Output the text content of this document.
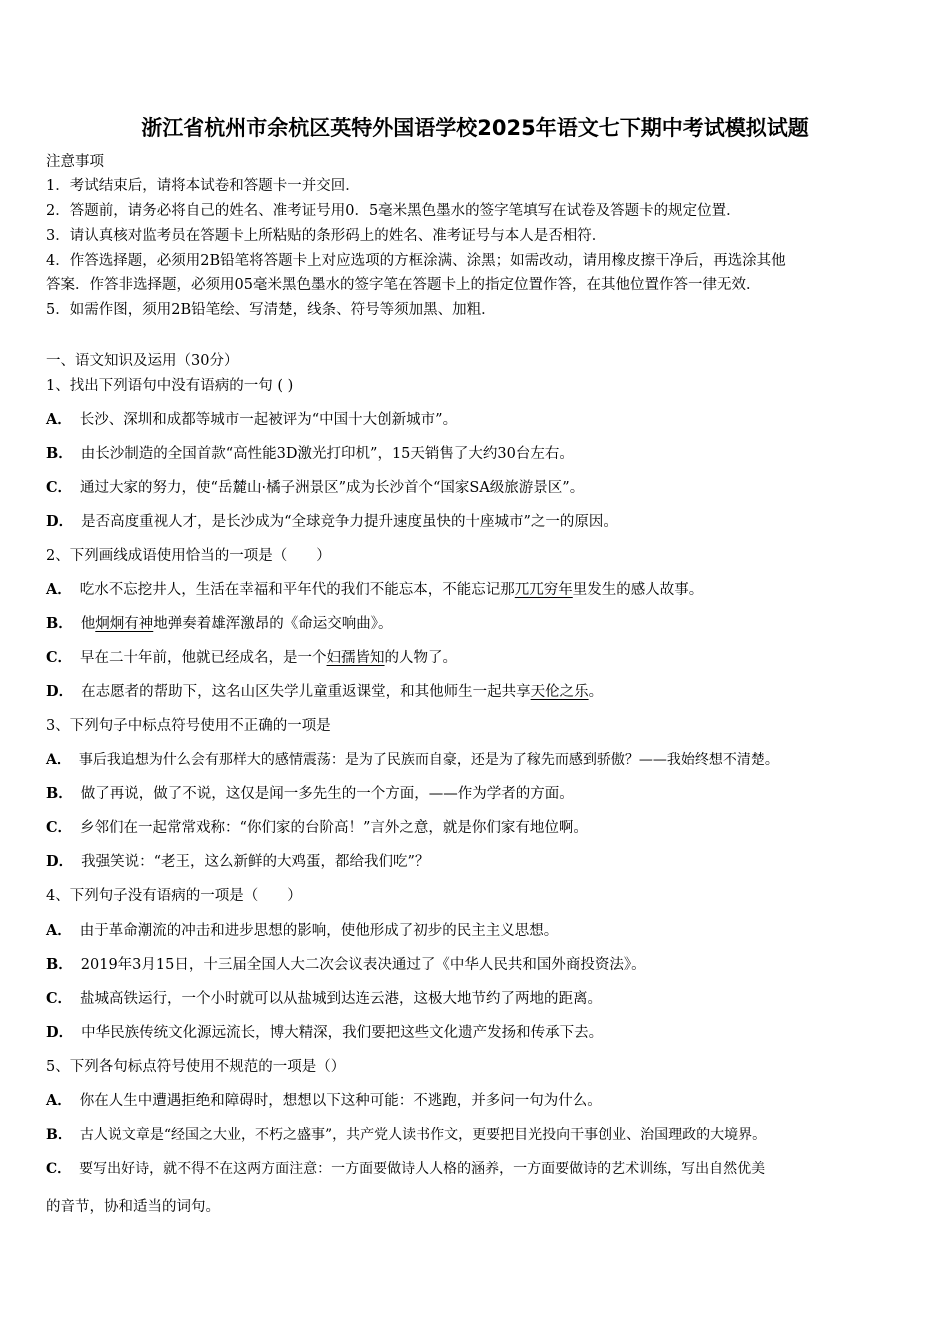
浙江省杭州市余杭区英特外国语学校2025年语文七下期中考试模拟试题
注意事项
1．考试结束后，请将本试卷和答题卡一并交回．
2．答题前，请务必将自己的姓名、准考证号用0．5毫米黑色墨水的签字笔填写在试卷及答题卡的规定位置．
3．请认真核对监考员在答题卡上所粘贴的条形码上的姓名、准考证号与本人是否相符．
4．作答选择题，必须用2B铅笔将答题卡上对应选项的方框涂满、涂黑；如需改动，请用橡皮擦干净后，再选涂其他
答案．作答非选择题，必须用05毫米黑色墨水的签字笔在答题卡上的指定位置作答，在其他位置作答一律无效．
5．如需作图，须用2B铅笔绘、写清楚，线条、符号等须加黑、加粗．
一、语文知识及运用（30分）
1、找出下列语句中没有语病的一句 ( )
A． 长沙、深圳和成都等城市一起被评为“中国十大创新城市”。
B． 由长沙制造的全国首款“高性能3D激光打印机”，15天销售了大约30台左右。
C． 通过大家的努力，使“岳麓山·橘子洲景区”成为长沙首个“国家SA级旅游景区”。
D． 是否高度重视人才，是长沙成为“全球竞争力提升速度虽快的十座城市”之一的原因。
2、下列画线成语使用恰当的一项是（　　）
A． 吃水不忘挖井人，生活在幸福和平年代的我们不能忘本，不能忘记那兀兀穷年里发生的感人故事。
B． 他炯炯有神地弹奏着雄浑激昂的《命运交响曲》。
C． 早在二十年前，他就已经成名，是一个妇孺皆知的人物了。
D． 在志愿者的帮助下，这名山区失学儿童重返课堂，和其他师生一起共享天伦之乐。
3、下列句子中标点符号使用不正确的一项是
A． 事后我追想为什么会有那样大的感情震荡：是为了民族而自豪，还是为了稼先而感到骄傲？——我始终想不清楚。
B． 做了再说，做了不说，这仅是闻一多先生的一个方面，——作为学者的方面。
C． 乡邻们在一起常常戏称：“你们家的台阶高！”言外之意，就是你们家有地位啊。
D． 我强笑说：“老王，这么新鲜的大鸡蛋，都给我们吃”？
4、下列句子没有语病的一项是（　　）
A． 由于革命潮流的冲击和进步思想的影响，使他形成了初步的民主主义思想。
B． 2019年3月15日，十三届全国人大二次会议表决通过了《中华人民共和国外商投资法》。
C． 盐城高铁运行，一个小时就可以从盐城到达连云港，这极大地节约了两地的距离。
D． 中华民族传统文化源远流长，博大精深，我们要把这些文化遗产发扬和传承下去。
5、下列各句标点符号使用不规范的一项是（）
A． 你在人生中遭遇拒绝和障碍时，想想以下这种可能：不逃跑，并多问一句为什么。
B． 古人说文章是“经国之大业，不朽之盛事”，共产党人读书作文，更要把目光投向干事创业、治国理政的大境界。
C． 要写出好诗，就不得不在这两方面注意：一方面要做诗人人格的涵养，一方面要做诗的艺术训练，写出自然优美
的音节，协和适当的词句。
